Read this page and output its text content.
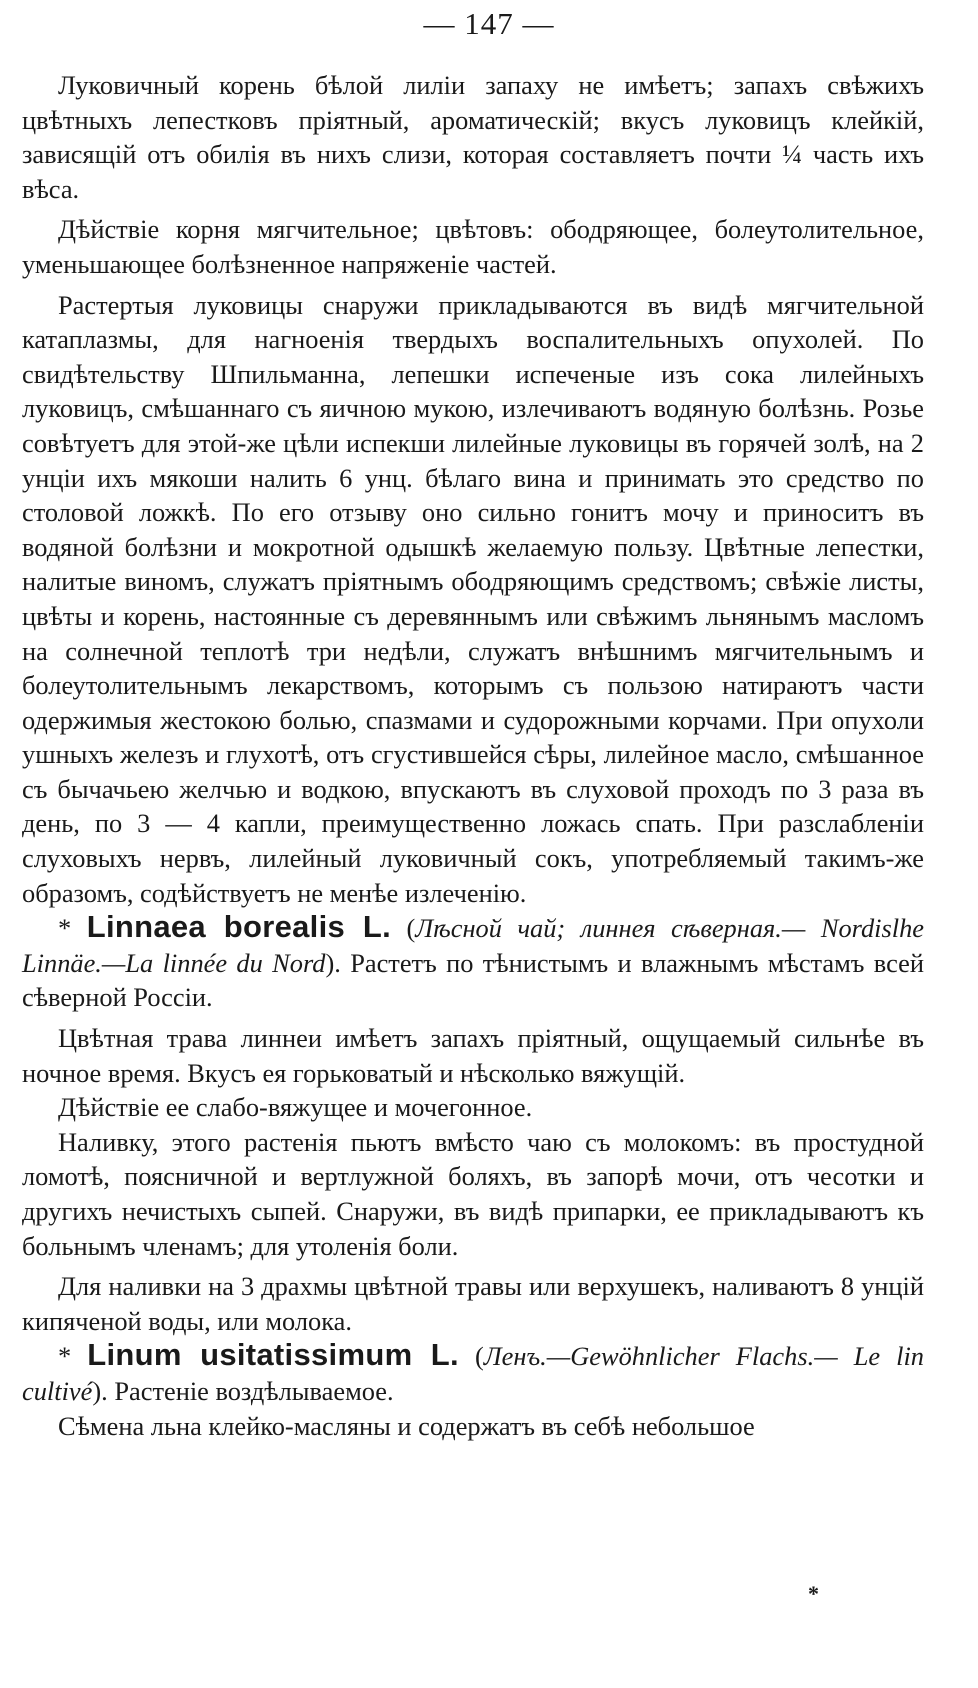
— 147 —

Луковичный корень бѣлой лиліи запаху не имѣетъ; запахъ свѣжихъ цвѣтныхъ лепестковъ пріятный, ароматическій; вкусъ луковицъ клейкій, зависящій отъ обилія въ нихъ слизи, которая составляетъ почти ¼ часть ихъ вѣса.

Дѣйствіе корня мягчительное; цвѣтовъ: ободряющее, болеутолительное, уменьшающее болѣзненное напряженіе частей.

Растертыя луковицы снаружи прикладываются въ видѣ мягчительной катаплазмы, для нагноенія твердыхъ воспалительныхъ опухолей. По свидѣтельству Шпильманна, лепешки испеченые изъ сока лилейныхъ луковицъ, смѣшаннаго съ яичною мукою, излечиваютъ водяную болѣзнь. Розье совѣтуетъ для этой-же цѣли испекши лилейные луковицы въ горячей золѣ, на 2 унціи ихъ мякоши налить 6 унц. бѣлаго вина и принимать это средство по столовой ложкѣ. По его отзыву оно сильно гонитъ мочу и приноситъ въ водяной болѣзни и мокротной одышкѣ желаемую пользу. Цвѣтные лепестки, налитые виномъ, служатъ пріятнымъ ободряющимъ средствомъ; свѣжіе листы, цвѣты и корень, настоянные съ деревяннымъ или свѣжимъ льнянымъ масломъ на солнечной теплотѣ три недѣли, служатъ внѣшнимъ мягчительнымъ и болеутолительнымъ лекарствомъ, которымъ съ пользою натираютъ части одержимыя жестокою болью, спазмами и судорожными корчами. При опухоли ушныхъ железъ и глухотѣ, отъ сгустившейся сѣры, лилейное масло, смѣшанное съ бычачьею желчью и водкою, впускаютъ въ слуховой проходъ по 3 раза въ день, по 3 — 4 капли, преимущественно ложась спать. При разслабленіи слуховыхъ нервъ, лилейный луковичный сокъ, употребляемый такимъ-же образомъ, содѣйствуетъ не менѣе излеченію.

* Linnaea borealis L. (Лѣсной чай; линнея сѣверная.— Nordislhe Linnäe.—La linnée du Nord). Растетъ по тѣнистымъ и влажнымъ мѣстамъ всей сѣверной Россіи.

Цвѣтная трава линнеи имѣетъ запахъ пріятный, ощущаемый сильнѣе въ ночное время. Вкусъ ея горьковатый и нѣсколько вяжущій.

Дѣйствіе ее слабо-вяжущее и мочегонное.

Наливку, этого растенія пьютъ вмѣсто чаю съ молокомъ: въ простудной ломотѣ, поясничной и вертлужной боляхъ, въ запорѣ мочи, отъ чесотки и другихъ нечистыхъ сыпей. Снаружи, въ видѣ припарки, ее прикладываютъ къ больнымъ членамъ; для утоленія боли.

Для наливки на 3 драхмы цвѣтной травы или верхушекъ, наливаютъ 8 унцій кипяченой воды, или молока.

* Linum usitatissimum L. (Ленъ.—Gewöhnlicher Flachs.— Le lin cultivé). Растеніе воздѣлываемое.

Сѣмена льна клейко-масляны и содержатъ въ себѣ небольшое

*
